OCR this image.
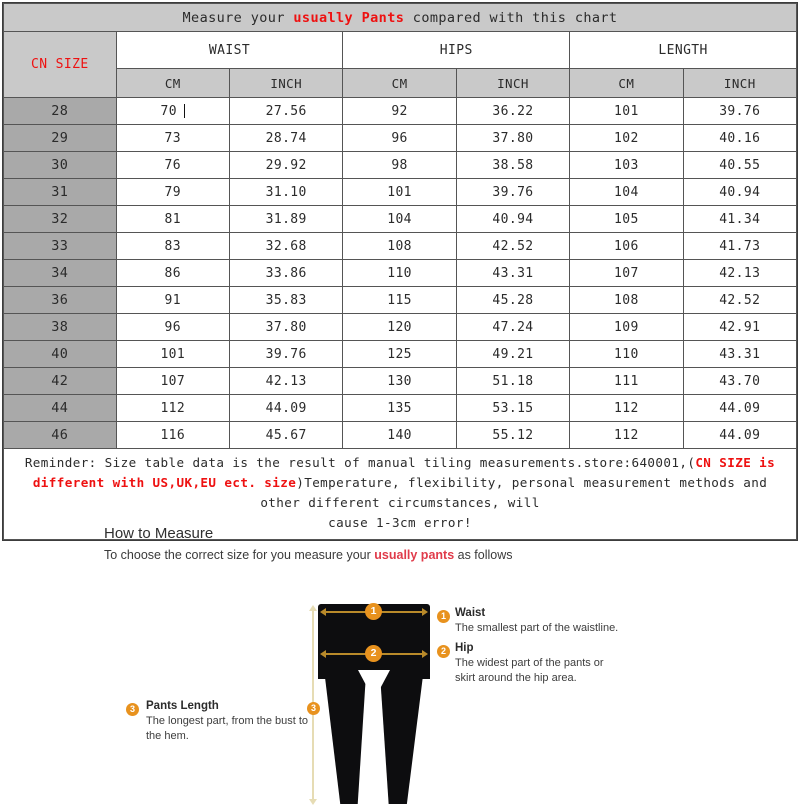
Measure your usually Pants compared with this chart						
CN SIZE	WAIST		HIPS		LENGTH	
	CM	INCH	CM	INCH	CM	INCH
28	70	27.56	92	36.22	101	39.76
29	73	28.74	96	37.80	102	40.16
30	76	29.92	98	38.58	103	40.55
31	79	31.10	101	39.76	104	40.94
32	81	31.89	104	40.94	105	41.34
33	83	32.68	108	42.52	106	41.73
34	86	33.86	110	43.31	107	42.13
36	91	35.83	115	45.28	108	42.52
38	96	37.80	120	47.24	109	42.91
40	101	39.76	125	49.21	110	43.31
42	107	42.13	130	51.18	111	43.70
44	112	44.09	135	53.15	112	44.09
46	116	45.67	140	55.12	112	44.09
Reminder: Size table data is the result of manual tiling measurements.store:640001,(CN SIZE is different with US,UK,EU ect. size)Temperature, flexibility, personal measurement methods and other different circumstances, will
cause 1-3cm error!						
How to Measure
To choose the correct size for you measure your usually pants as follows
1
2
3
1 Waist
The smallest part of the waistline.
2 Hip
The widest part of the pants or
skirt around the hip area.
3 Pants Length
The longest part, from the bust to
the hem.
